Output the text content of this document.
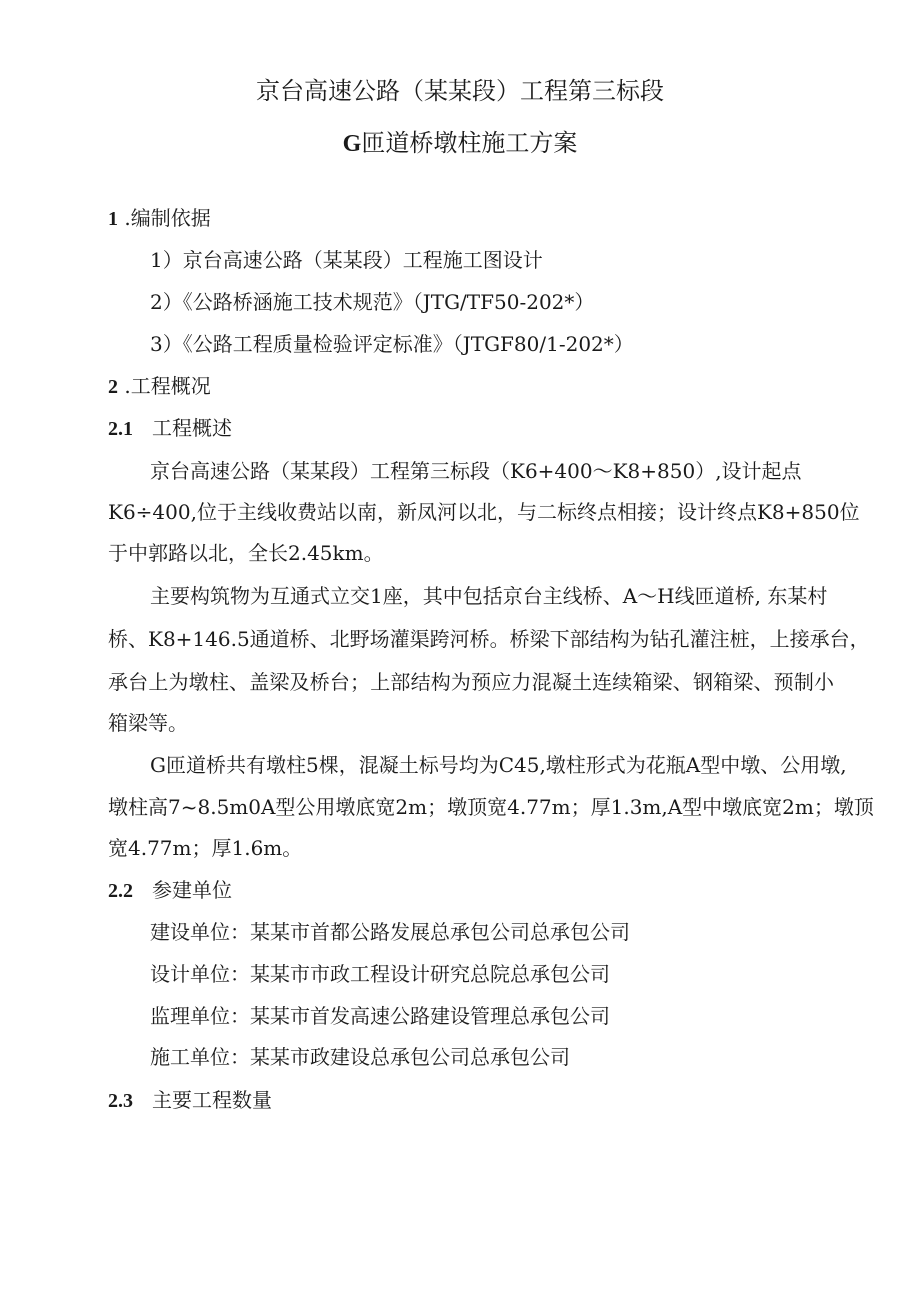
京台高速公路（某某段）工程第三标段
G匝道桥墩柱施工方案
1 .编制依据
1）京台高速公路（某某段）工程施工图设计
2）《公路桥涵施工技术规范》（JTG/TF50-202*）
3）《公路工程质量检验评定标准》（JTGF80/1-202*）
2 .工程概况
2.1 工程概述
京台高速公路（某某段）工程第三标段（K6+400～K8+850）,设计起点
K6÷400,位于主线收费站以南，新凤河以北，与二标终点相接；设计终点K8+850位
于中郭路以北，全长2.45km。
主要构筑物为互通式立交1座，其中包括京台主线桥、A～H线匝道桥, 东某村
桥、K8+146.5通道桥、北野场灌渠跨河桥。桥梁下部结构为钻孔灌注桩，上接承台，
承台上为墩柱、盖梁及桥台；上部结构为预应力混凝土连续箱梁、钢箱梁、预制小
箱梁等。
G匝道桥共有墩柱5棵，混凝土标号均为C45,墩柱形式为花瓶A型中墩、公用墩,
墩柱高7~8.5m0A型公用墩底宽2m；墩顶宽4.77m；厚1.3m,A型中墩底宽2m；墩顶
宽4.77m；厚1.6m。
2.2 参建单位
建设单位：某某市首都公路发展总承包公司总承包公司
设计单位：某某市市政工程设计研究总院总承包公司
监理单位：某某市首发高速公路建设管理总承包公司
施工单位：某某市政建设总承包公司总承包公司
2.3 主要工程数量
